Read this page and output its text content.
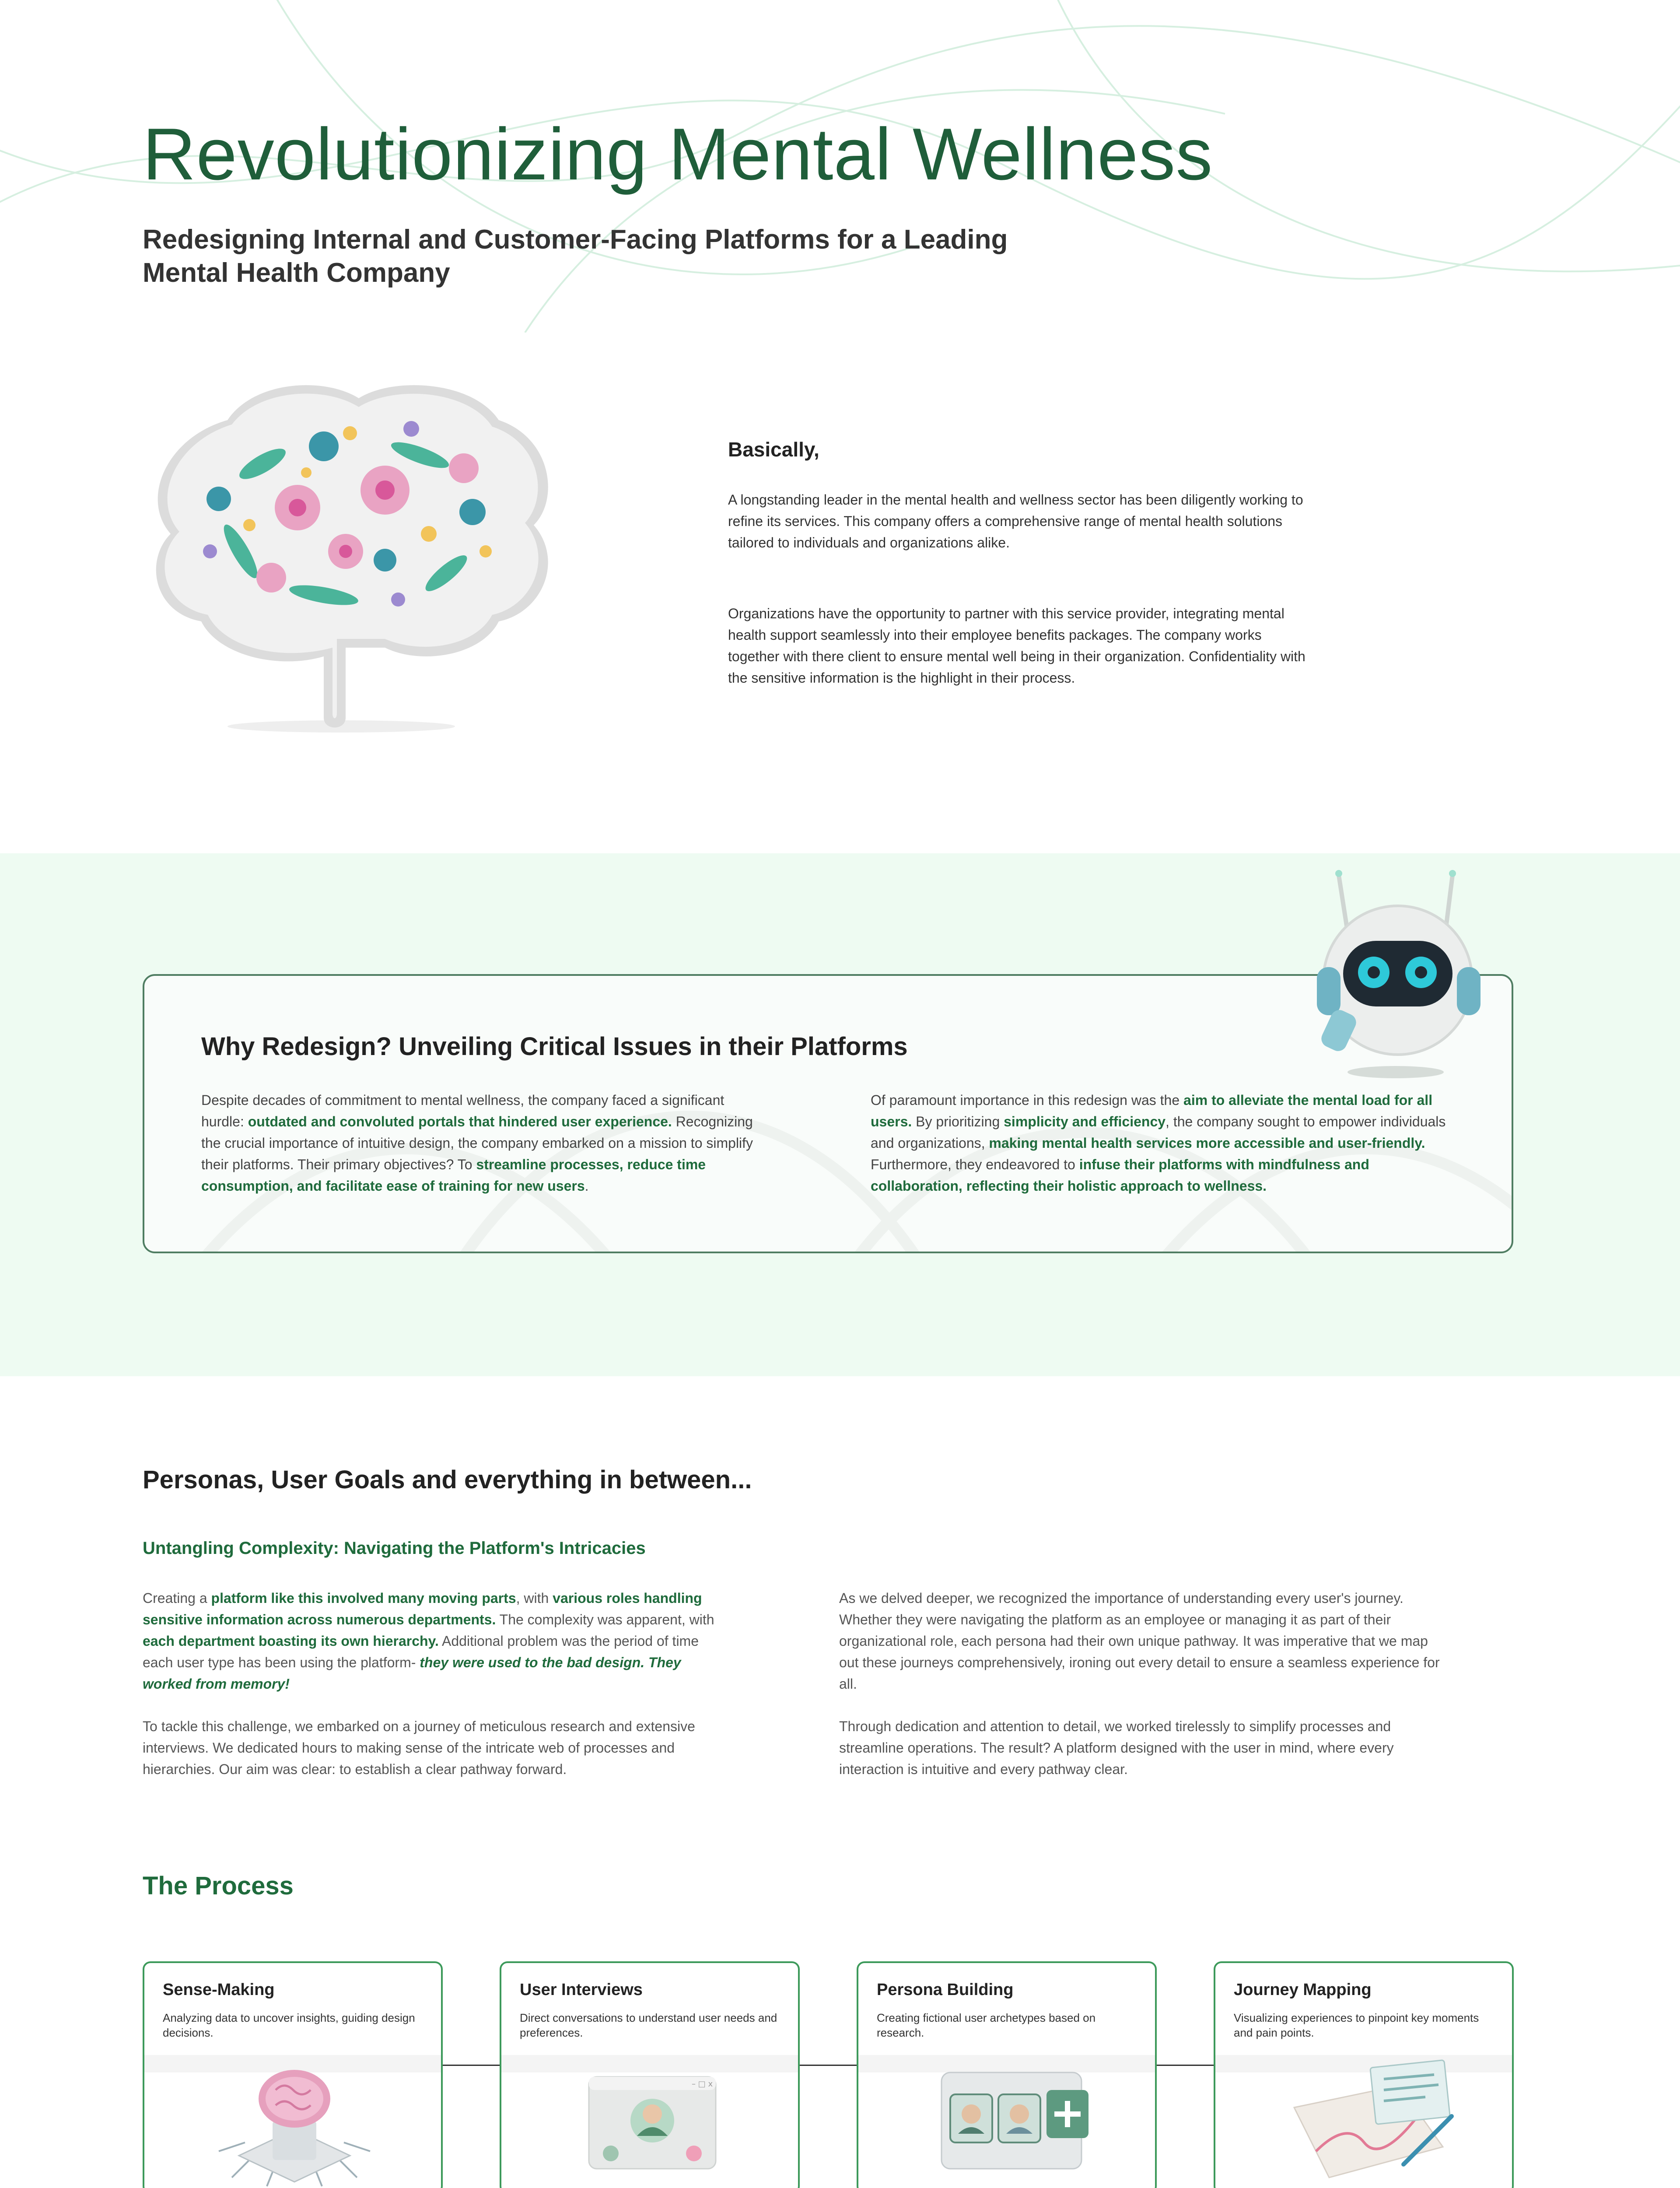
Revolutionizing Mental Wellness
Redesigning Internal and Customer-Facing Platforms for a Leading Mental Health Company
Basically,

A longstanding leader in the mental health and wellness sector has been diligently working to refine its services. This company offers a comprehensive range of mental health solutions tailored to individuals and organizations alike.

Organizations have the opportunity to partner with this service provider, integrating mental health support seamlessly into their employee benefits packages. The company works together with there client to ensure mental well being in their organization. Confidentiality with the sensitive information is the highlight in their process.

Why Redesign? Unveiling Critical Issues in their Platforms

Despite decades of commitment to mental wellness, the company faced a significant hurdle: outdated and convoluted portals that hindered user experience. Recognizing the crucial importance of intuitive design, the company embarked on a mission to simplify their platforms. Their primary objectives? To streamline processes, reduce time consumption, and facilitate ease of training for new users.

Of paramount importance in this redesign was the aim to alleviate the mental load for all users. By prioritizing simplicity and efficiency, the company sought to empower individuals and organizations, making mental health services more accessible and user-friendly. Furthermore, they endeavored to infuse their platforms with mindfulness and collaboration, reflecting their holistic approach to wellness.

Personas, User Goals and everything in between...
Untangling Complexity: Navigating the Platform's Intricacies

Creating a platform like this involved many moving parts, with various roles handling sensitive information across numerous departments. The complexity was apparent, with each department boasting its own hierarchy. Additional problem was the period of time each user type has been using the platform- they were used to the bad design. They worked from memory!

To tackle this challenge, we embarked on a journey of meticulous research and extensive interviews. We dedicated hours to making sense of the intricate web of processes and hierarchies. Our aim was clear: to establish a clear pathway forward.

As we delved deeper, we recognized the importance of understanding every user's journey. Whether they were navigating the platform as an employee or managing it as part of their organizational role, each persona had their own unique pathway. It was imperative that we map out these journeys comprehensively, ironing out every detail to ensure a seamless experience for all.

Through dedication and attention to detail, we worked tirelessly to simplify processes and streamline operations. The result? A platform designed with the user in mind, where every interaction is intuitive and every pathway clear.

The Process
Sense-Making
Analyzing data to uncover insights, guiding design decisions.
User Interviews
Direct conversations to understand user needs and preferences.
– □ x
Persona Building
Creating fictional user archetypes based on research.
Journey Mapping
Visualizing experiences to pinpoint key moments and pain points.
